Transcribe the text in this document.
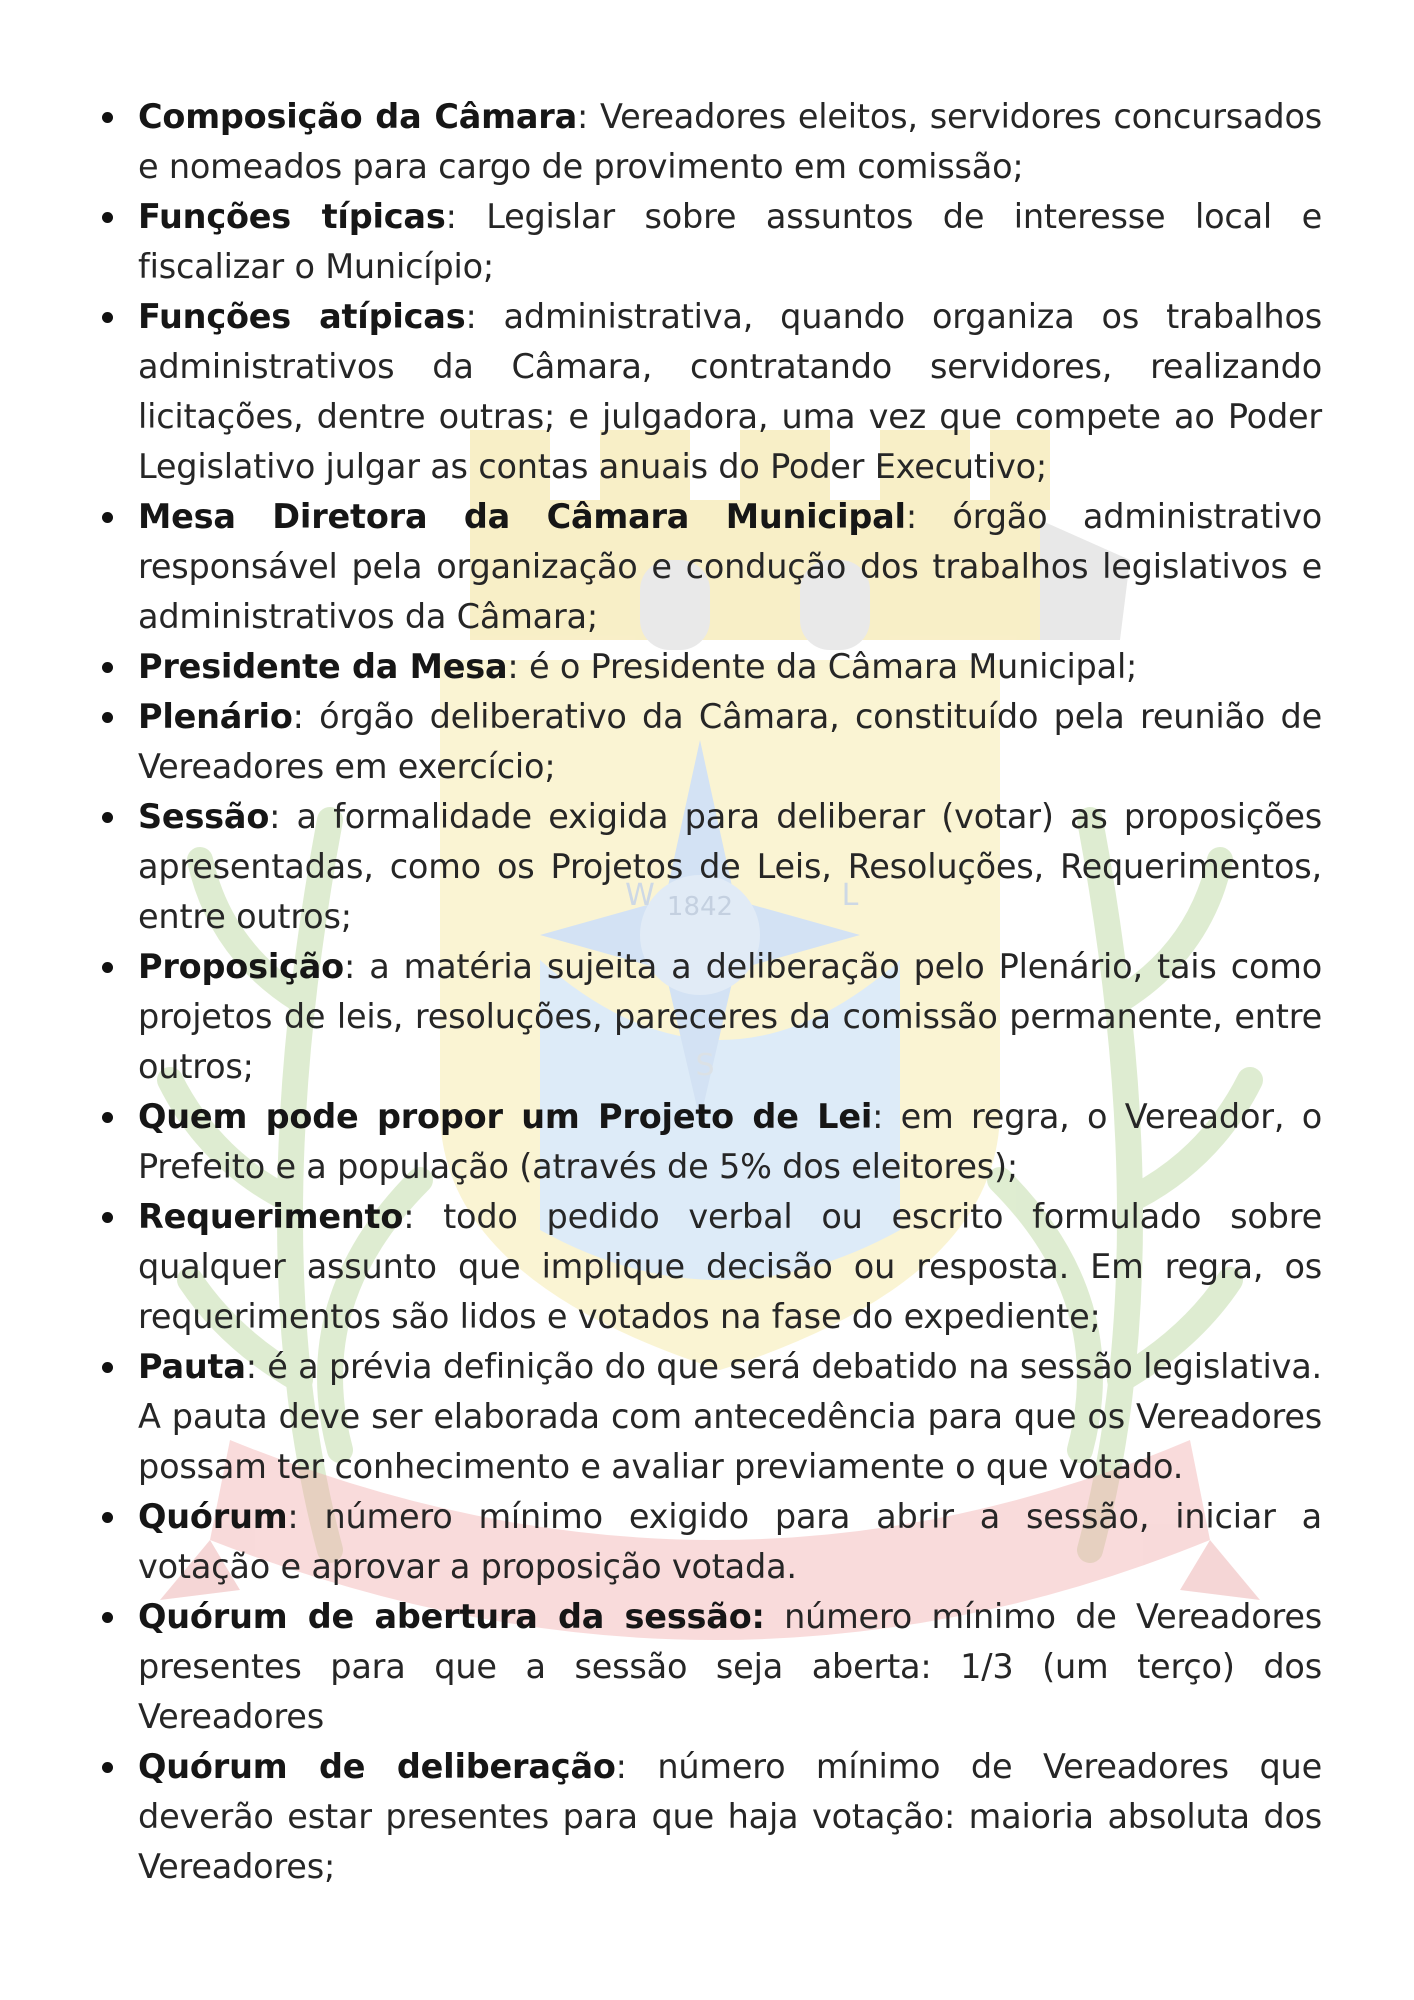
1842
W	L
S
Composição da Câmara: Vereadores eleitos, servidores concursados e nomeados para cargo de provimento em comissão;
Funções típicas: Legislar sobre assuntos de interesse local e fiscalizar o Município;
Funções atípicas: administrativa, quando organiza os trabalhos administrativos da Câmara, contratando servidores, realizando licitações, dentre outras; e julgadora, uma vez que compete ao Poder Legislativo julgar as contas anuais do Poder Executivo;
Mesa Diretora da Câmara Municipal: órgão administrativo responsável pela organização e condução dos trabalhos legislativos e administrativos da Câmara;
Presidente da Mesa: é o Presidente da Câmara Municipal;
Plenário: órgão deliberativo da Câmara, constituído pela reunião de Vereadores em exercício;
Sessão: a formalidade exigida para deliberar (votar) as proposições apresentadas, como os Projetos de Leis, Resoluções, Requerimentos, entre outros;
Proposição: a matéria sujeita a deliberação pelo Plenário, tais como projetos de leis, resoluções, pareceres da comissão permanente, entre outros;
Quem pode propor um Projeto de Lei: em regra, o Vereador, o Prefeito e a população (através de 5% dos eleitores);
Requerimento: todo pedido verbal ou escrito formulado sobre qualquer assunto que implique decisão ou resposta. Em regra, os requerimentos são lidos e votados na fase do expediente;
Pauta: é a prévia definição do que será debatido na sessão legislativa. A pauta deve ser elaborada com antecedência para que os Vereadores possam ter conhecimento e avaliar previamente o que votado.
Quórum: número mínimo exigido para abrir a sessão, iniciar a votação e aprovar a proposição votada.
Quórum de abertura da sessão: número mínimo de Vereadores presentes para que a sessão seja aberta: 1/3 (um terço) dos Vereadores
Quórum de deliberação: número mínimo de Vereadores que deverão estar presentes para que haja votação: maioria absoluta dos Vereadores;
